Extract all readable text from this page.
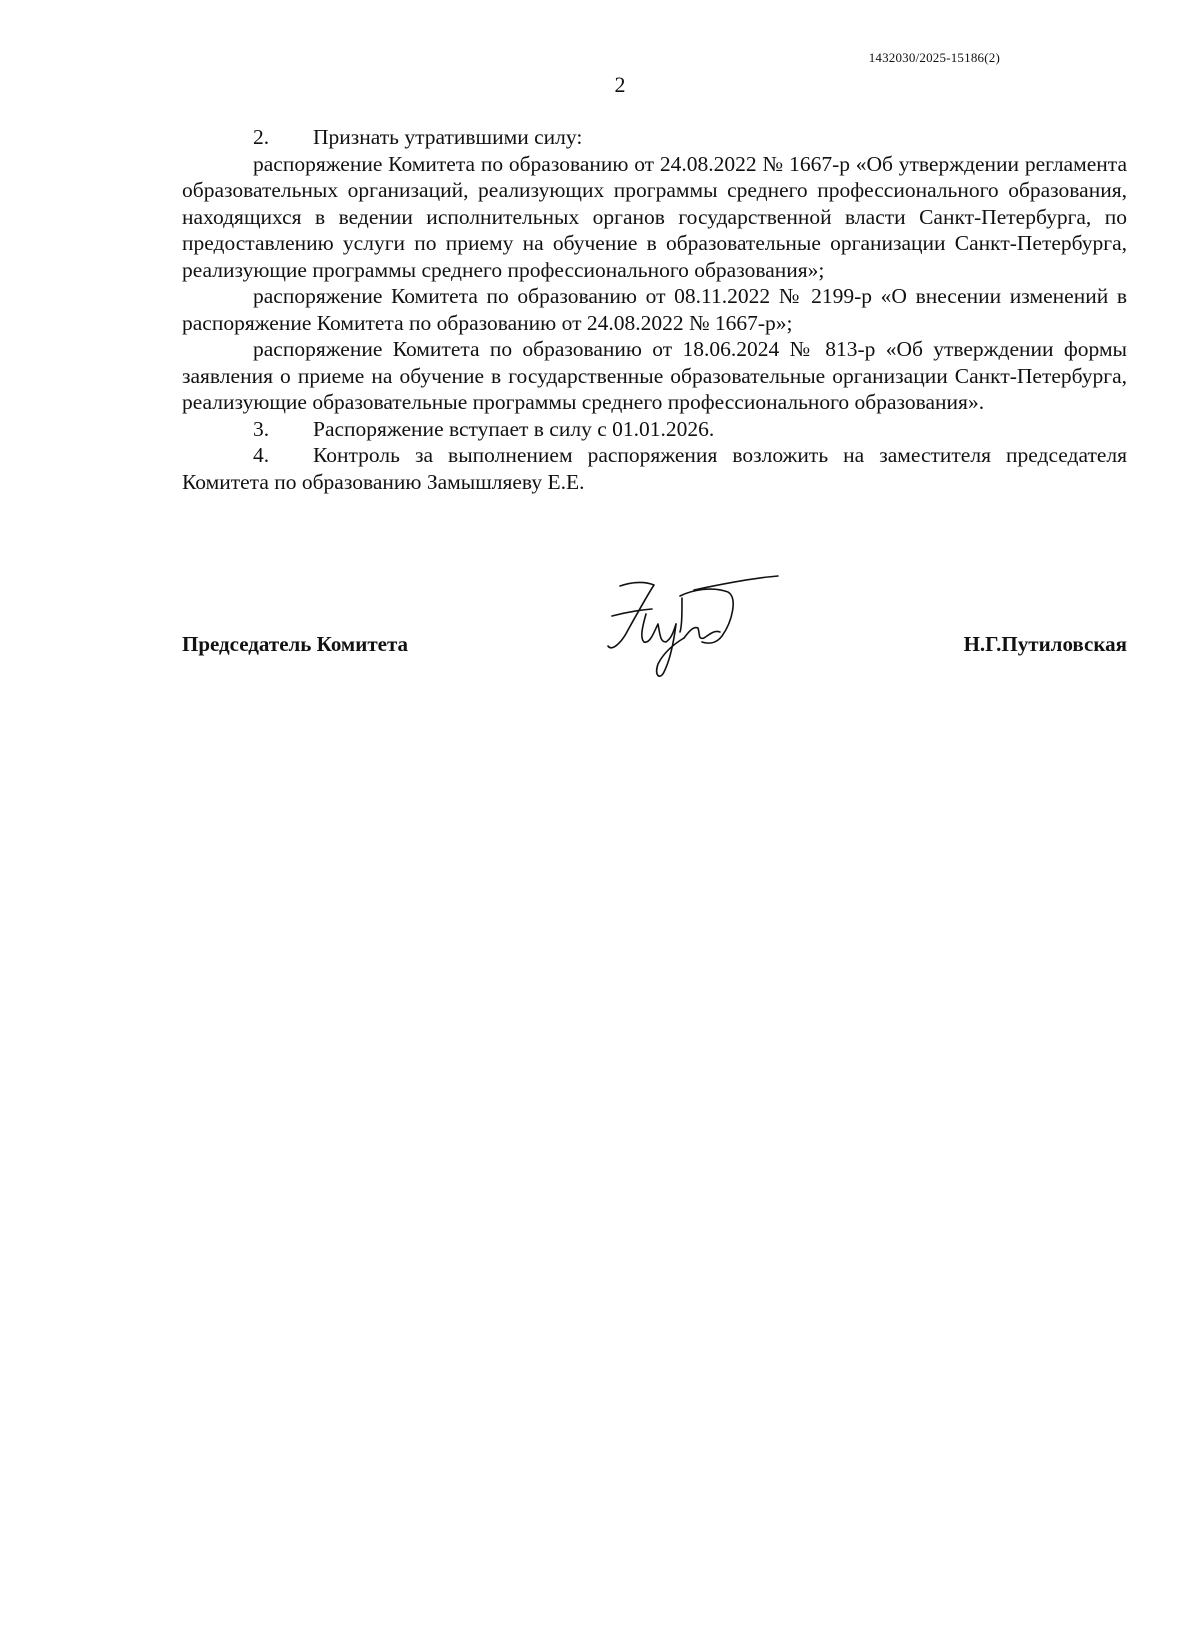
1432030/2025-15186(2)
2

2. Признать утратившими силу:

распоряжение Комитета по образованию от 24.08.2022 № 1667-р «Об утверждении регламента образовательных организаций, реализующих программы среднего профессионального образования, находящихся в ведении исполнительных органов государственной власти Санкт-Петербурга, по предоставлению услуги по приему на обучение в образовательные организации Санкт-Петербурга, реализующие программы среднего профессионального образования»;

распоряжение Комитета по образованию от 08.11.2022 № 2199-р «О внесении изменений в распоряжение Комитета по образованию от 24.08.2022 № 1667-р»;

распоряжение Комитета по образованию от 18.06.2024 № 813-р «Об утверждении формы заявления о приеме на обучение в государственные образовательные организации Санкт-Петербурга, реализующие образовательные программы среднего профессионального образования».

3. Распоряжение вступает в силу с 01.01.2026.

4. Контроль за выполнением распоряжения возложить на заместителя председателя Комитета по образованию Замышляеву Е.Е.

Председатель Комитета	Н.Г.Путиловская
